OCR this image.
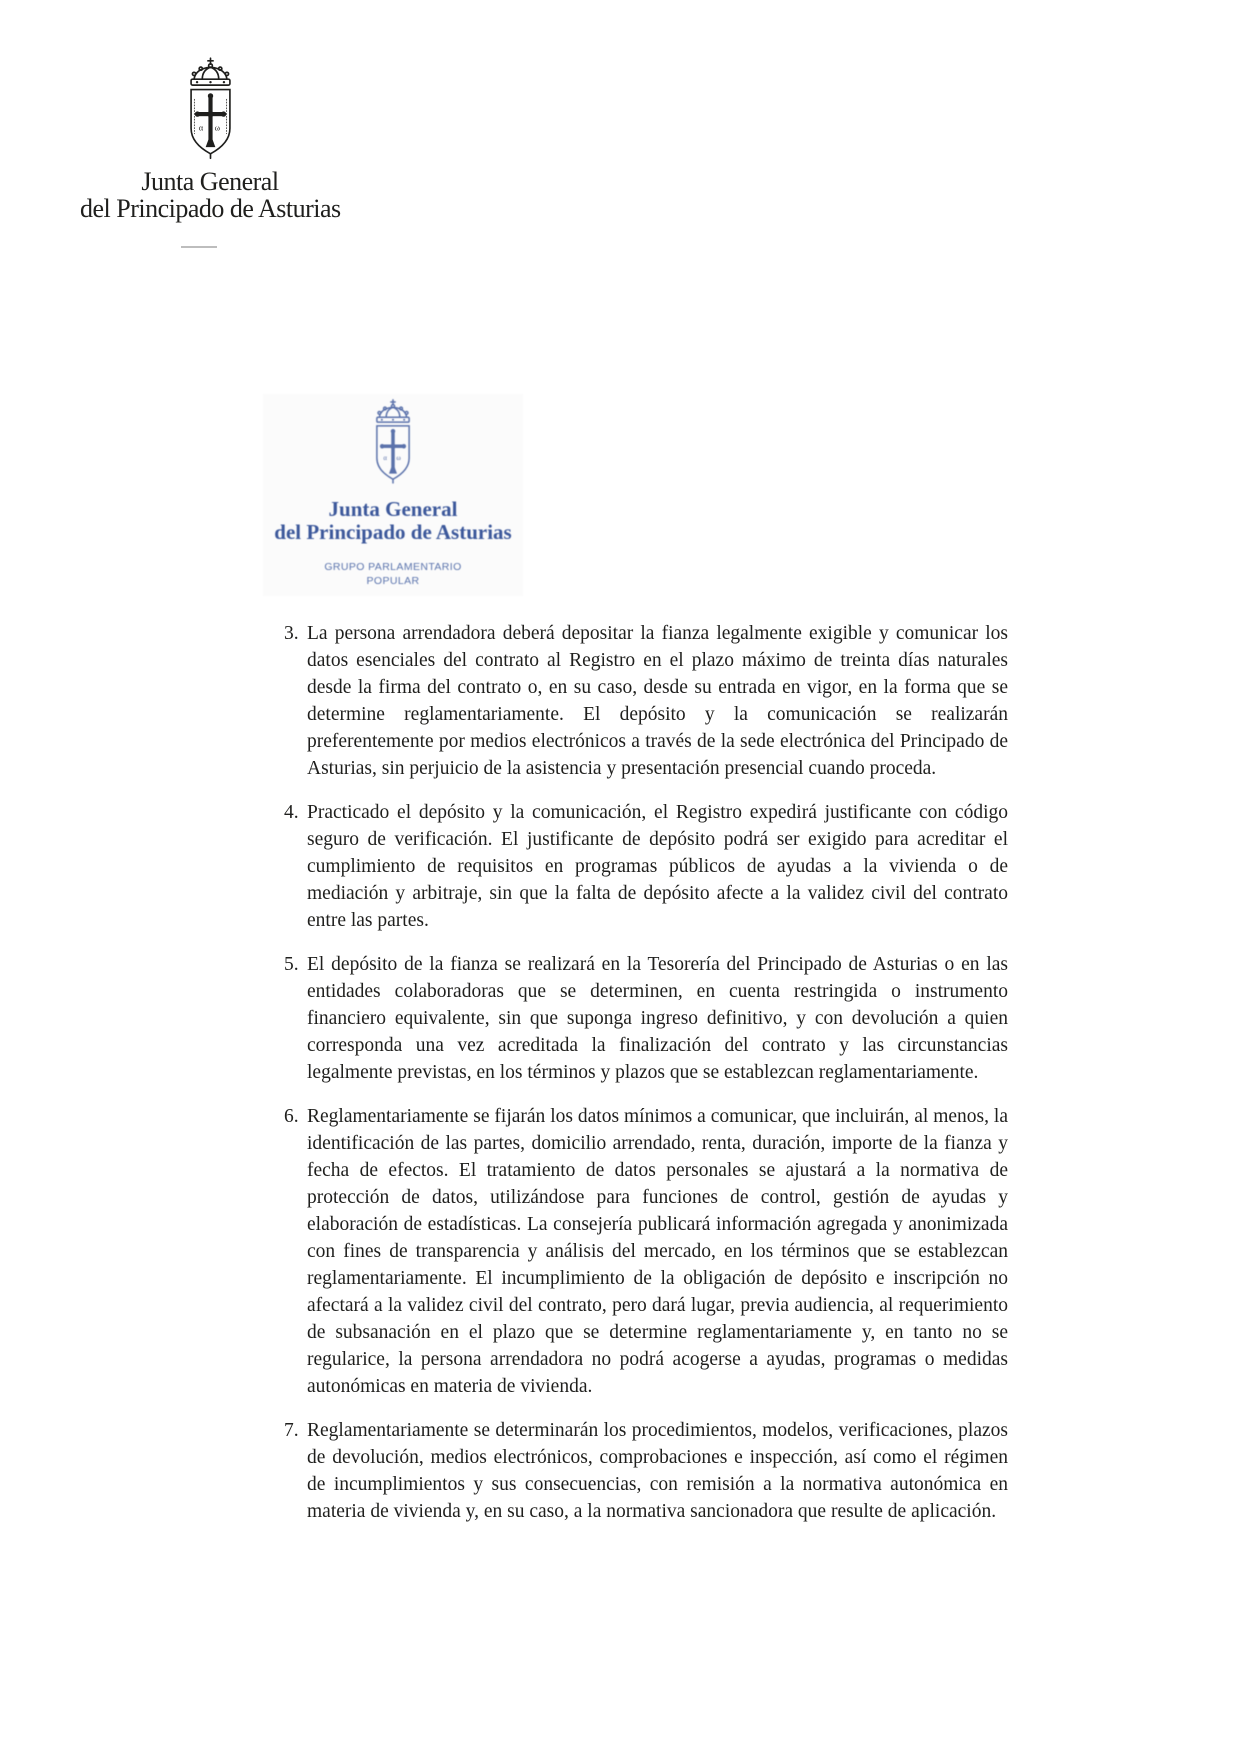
α ω
Junta General
del Principado de Asturias
α ω
Junta General
del Principado de Asturias
GRUPO PARLAMENTARIO
POPULAR
3. La persona arrendadora deberá depositar la fianza legalmente exigible y comunicar los datos esenciales del contrato al Registro en el plazo máximo de treinta días naturales desde la firma del contrato o, en su caso, desde su entrada en vigor, en la forma que se determine reglamentariamente. El depósito y la comunicación se realizarán preferentemente por medios electrónicos a través de la sede electrónica del Principado de Asturias, sin perjuicio de la asistencia y presentación presencial cuando proceda.
4. Practicado el depósito y la comunicación, el Registro expedirá justificante con código seguro de verificación. El justificante de depósito podrá ser exigido para acreditar el cumplimiento de requisitos en programas públicos de ayudas a la vivienda o de mediación y arbitraje, sin que la falta de depósito afecte a la validez civil del contrato entre las partes.
5. El depósito de la fianza se realizará en la Tesorería del Principado de Asturias o en las entidades colaboradoras que se determinen, en cuenta restringida o instrumento financiero equivalente, sin que suponga ingreso definitivo, y con devolución a quien corresponda una vez acreditada la finalización del contrato y las circunstancias legalmente previstas, en los términos y plazos que se establezcan reglamentariamente.
6. Reglamentariamente se fijarán los datos mínimos a comunicar, que incluirán, al menos, la identificación de las partes, domicilio arrendado, renta, duración, importe de la fianza y fecha de efectos. El tratamiento de datos personales se ajustará a la normativa de protección de datos, utilizándose para funciones de control, gestión de ayudas y elaboración de estadísticas. La consejería publicará información agregada y anonimizada con fines de transparencia y análisis del mercado, en los términos que se establezcan reglamentariamente. El incumplimiento de la obligación de depósito e inscripción no afectará a la validez civil del contrato, pero dará lugar, previa audiencia, al requerimiento de subsanación en el plazo que se determine reglamentariamente y, en tanto no se regularice, la persona arrendadora no podrá acogerse a ayudas, programas o medidas autonómicas en materia de vivienda.
7. Reglamentariamente se determinarán los procedimientos, modelos, verificaciones, plazos de devolución, medios electrónicos, comprobaciones e inspección, así como el régimen de incumplimientos y sus consecuencias, con remisión a la normativa autonómica en materia de vivienda y, en su caso, a la normativa sancionadora que resulte de aplicación.
